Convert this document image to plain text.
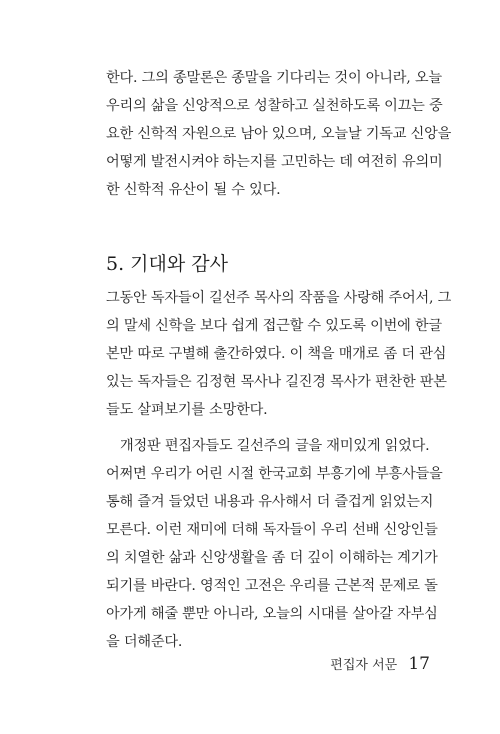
한다. 그의 종말론은 종말을 기다리는 것이 아니라, 오늘
우리의 삶을 신앙적으로 성찰하고 실천하도록 이끄는 중
요한 신학적 자원으로 남아 있으며, 오늘날 기독교 신앙을
어떻게 발전시켜야 하는지를 고민하는 데 여전히 유의미
한 신학적 유산이 될 수 있다.
5. 기대와 감사
그동안 독자들이 길선주 목사의 작품을 사랑해 주어서, 그
의 말세 신학을 보다 쉽게 접근할 수 있도록 이번에 한글
본만 따로 구별해 출간하였다. 이 책을 매개로 좀 더 관심
있는 독자들은 김정현 목사나 길진경 목사가 편찬한 판본
들도 살펴보기를 소망한다.
개정판 편집자들도 길선주의 글을 재미있게 읽었다.
어쩌면 우리가 어린 시절 한국교회 부흥기에 부흥사들을
통해 즐겨 들었던 내용과 유사해서 더 즐겁게 읽었는지
모른다. 이런 재미에 더해 독자들이 우리 선배 신앙인들
의 치열한 삶과 신앙생활을 좀 더 깊이 이해하는 계기가
되기를 바란다. 영적인 고전은 우리를 근본적 문제로 돌
아가게 해줄 뿐만 아니라, 오늘의 시대를 살아갈 자부심
을 더해준다.
편집자 서문 17
